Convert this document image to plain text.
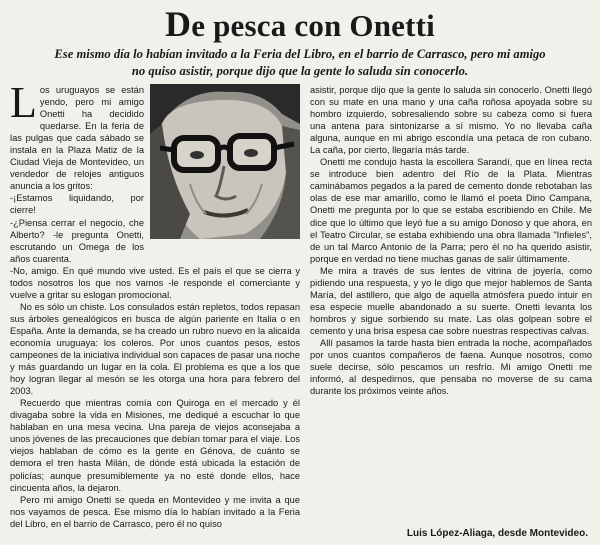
De pesca con Onetti
Ese mismo día lo habían invitado a la Feria del Libro, en el barrio de Carrasco, pero mi amigo no quiso asistir, porque dijo que la gente lo saluda sin conocerlo.

Los uruguayos se están yendo, pero mi amigo Onetti ha decidido quedarse. En la feria de las pulgas que cada sábado se instala en la Plaza Matiz de la Ciudad Vieja de Montevideo, un vendedor de relojes antiguos anuncia a los gritos:

-¡Estamos liquidando, por cierre!

-¿Piensa cerrar el negocio, che Alberto? -le pregunta Onetti, escrutando un Omega de los años cuarenta.

-No, amigo. En qué mundo vive usted. Es el país el que se cierra y todos nosotros los que nos vamos -le responde el comerciante y vuelve a gritar su eslogan promocional.

No es sólo un chiste. Los consulados están repletos, todos repasan sus árboles genealógicos en busca de algún pariente en Italia o en España. Ante la demanda, se ha creado un rubro nuevo en la alicaída economía uruguaya: los coleros. Por unos cuantos pesos, estos campeones de la iniciativa individual son capaces de pasar una noche y más guardando un lugar en la cola. El problema es que a los que hoy logran llegar al mesón se les otorga una hora para febrero del 2003.

Recuerdo que mientras comía con Quiroga en el mercado y él divagaba sobre la vida en Misiones, me dediqué a escuchar lo que hablaban en una mesa vecina. Una pareja de viejos aconsejaba a unos jóvenes de las precauciones que debían tomar para el viaje. Los viejos hablaban de cómo es la gente en Génova, de cuánto se demora el tren hasta Milán, de dónde está ubicada la estación de policías; aunque presumiblemente ya no esté donde ellos, hace cincuenta años, la dejaron.

Pero mi amigo Onetti se queda en Montevideo y me invita a que nos vayamos de pesca. Ese mismo día lo habían invitado a la Feria del Libro, en el barrio de Carrasco, pero él no quiso

asistir, porque dijo que la gente lo saluda sin conocerlo. Onetti llegó con su mate en una mano y una caña roñosa apoyada sobre su hombro izquierdo, sobresaliendo sobre su cabeza como si fuera una antena para sintonizarse a sí mismo. Yo no llevaba caña alguna, aunque en mi abrigo escondía una petaca de ron cubano. La caña, por cierto, llegaría más tarde.

Onetti me condujo hasta la escollera Sarandí, que en línea recta se introduce bien adentro del Río de la Plata. Mientras caminábamos pegados a la pared de cemento donde rebotaban las olas de ese mar amarillo, como le llamó el poeta Dino Campana, Onetti me pregunta por lo que se estaba escribiendo en Chile. Me dice que lo último que leyó fue a su amigo Donoso y que ahora, en el Teatro Circular, se estaba exhibiendo una obra llamada "Infieles", de un tal Marco Antonio de la Parra; pero él no ha querido asistir, porque en verdad no tiene muchas ganas de salir últimamente.

Me mira a través de sus lentes de vitrina de joyería, como pidiendo una respuesta, y yo le digo que mejor hablemos de Santa María, del astillero, que algo de aquella atmósfera puedo intuir en esa especie muelle abandonado a su suerte. Onetti levanta los hombros y sigue sorbiendo su mate. Las olas golpean sobre el cemento y una brisa espesa cae sobre nuestras respectivas calvas.

Allí pasamos la tarde hasta bien entrada la noche, acompañados por unos cuantos compañeros de faena. Aunque nosotros, como suele decirse, sólo pescamos un resfrío. Mi amigo Onetti me informó, al despedirnos, que pensaba no moverse de su cama durante los próximos veinte años.

Luis López-Aliaga, desde Montevideo.
